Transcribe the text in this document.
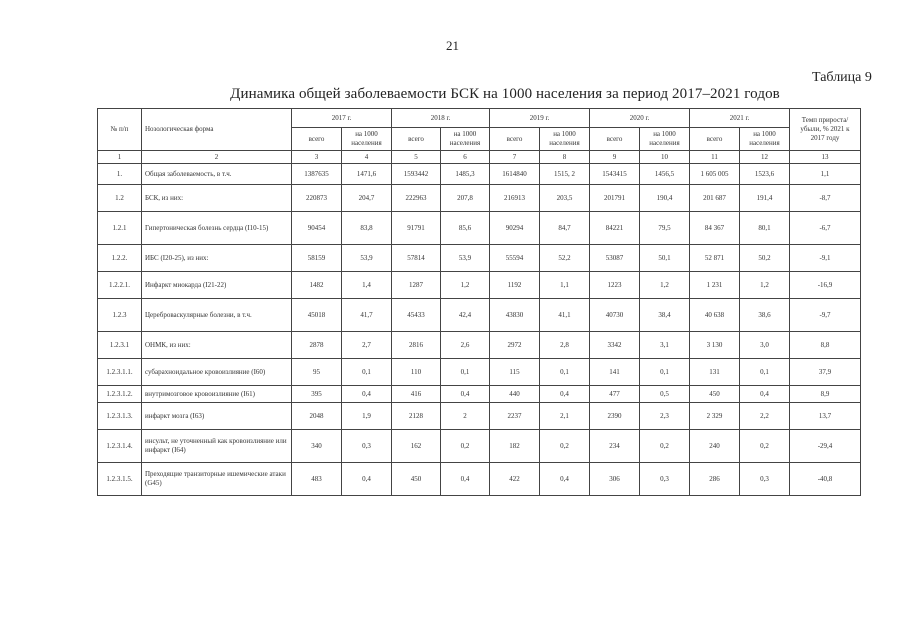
21
Таблица 9
Динамика общей заболеваемости БСК на 1000 населения за период 2017–2021 годов
№ п/п	Нозологическая форма	2017 г.		2018 г.		2019 г.		2020 г.		2021 г.		Темп прироста/ убыли, % 2021 к 2017 году
		всего	на 1000 населения	всего	на 1000 населения	всего	на 1000 населения	всего	на 1000 населения	всего	на 1000 населения	
1	2	3	4	5	6	7	8	9	10	11	12	13
1.	Общая заболеваемость, в т.ч.	1387635	1471,6	1593442	1485,3	1614840	1515, 2	1543415	1456,5	1 605 005	1523,6	1,1
1.2	БСК, из них:	220873	204,7	222963	207,8	216913	203,5	201791	190,4	201 687	191,4	-8,7
1.2.1	Гипертоническая болезнь сердца (I10-15)	90454	83,8	91791	85,6	90294	84,7	84221	79,5	84 367	80,1	-6,7
1.2.2.	ИБС (I20-25), из них:	58159	53,9	57814	53,9	55594	52,2	53087	50,1	52 871	50,2	-9,1
1.2.2.1.	Инфаркт миокарда (I21-22)	1482	1,4	1287	1,2	1192	1,1	1223	1,2	1 231	1,2	-16,9
1.2.3	Цереброваскулярные болезни, в т.ч.	45018	41,7	45433	42,4	43830	41,1	40730	38,4	40 638	38,6	-9,7
1.2.3.1	ОНМК, из них:	2878	2,7	2816	2,6	2972	2,8	3342	3,1	3 130	3,0	8,8
1.2.3.1.1.	субарахноидальное кровоизлияние (I60)	95	0,1	110	0,1	115	0,1	141	0,1	131	0,1	37,9
1.2.3.1.2.	внутримозговое кровоизлияние (I61)	395	0,4	416	0,4	440	0,4	477	0,5	450	0,4	8,9
1.2.3.1.3.	инфаркт мозга (I63)	2048	1,9	2128	2	2237	2,1	2390	2,3	2 329	2,2	13,7
1.2.3.1.4.	инсульт, не уточненный как кровоизлияние или инфаркт (I64)	340	0,3	162	0,2	182	0,2	234	0,2	240	0,2	-29,4
1.2.3.1.5.	Преходящие транзиторные ишемические атаки (G45)	483	0,4	450	0,4	422	0,4	306	0,3	286	0,3	-40,8
